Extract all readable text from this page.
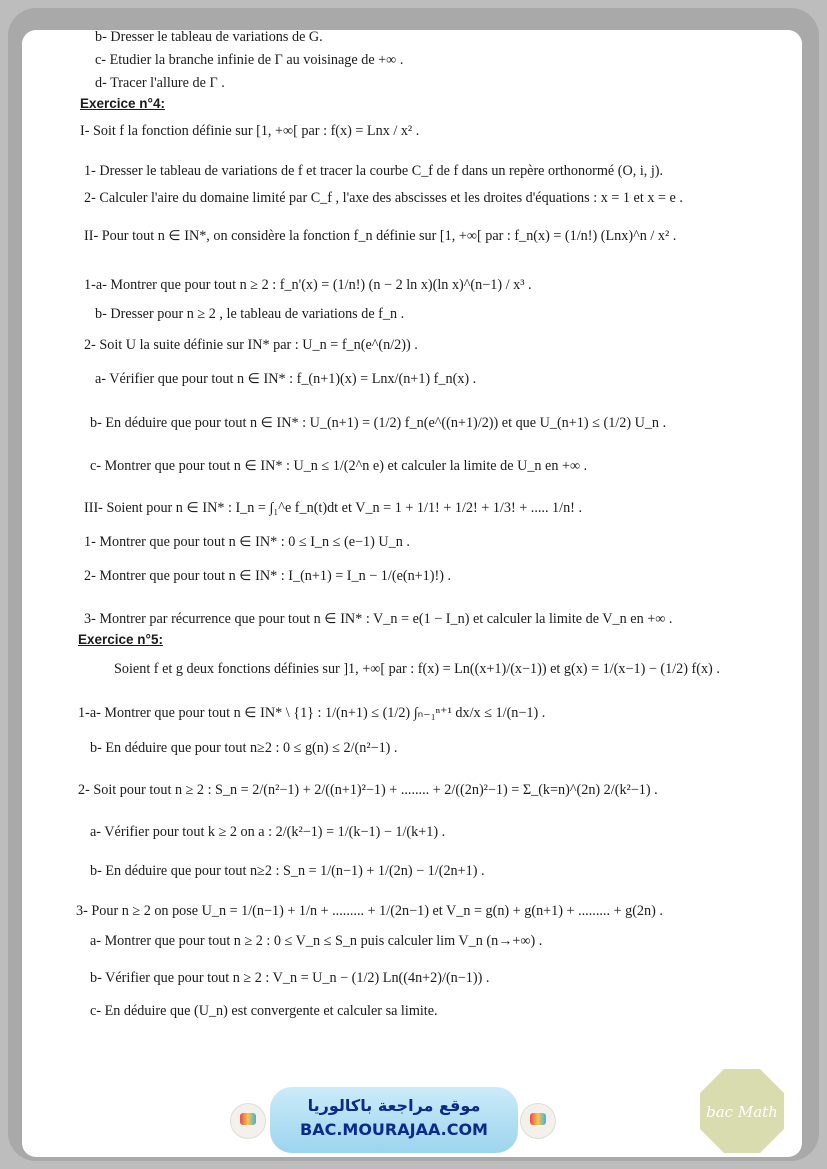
b- Dresser le tableau de variations de G.
c- Etudier la branche infinie de Γ au voisinage de +∞ .
d- Tracer l'allure de Γ .
Exercice n°4:
I- Soit f la fonction définie sur [1, +∞[ par : f(x) = Lnx / x² .
1- Dresser le tableau de variations de f et tracer la courbe C_f de f dans un repère orthonormé (O, i, j).
2- Calculer l'aire du domaine limité par C_f , l'axe des abscisses et les droites d'équations : x = 1 et x = e .
II- Pour tout n ∈ IN*, on considère la fonction f_n définie sur [1, +∞[ par : f_n(x) = (1/n!) (Lnx)^n / x² .
1-a- Montrer que pour tout n ≥ 2 : f_n'(x) = (1/n!) (n − 2 ln x)(ln x)^(n−1) / x³ .
b- Dresser pour n ≥ 2 , le tableau de variations de f_n .
2- Soit U la suite définie sur IN* par : U_n = f_n(e^(n/2)) .
a- Vérifier que pour tout n ∈ IN* : f_(n+1)(x) = Lnx/(n+1) f_n(x) .
b- En déduire que pour tout n ∈ IN* : U_(n+1) = (1/2) f_n(e^((n+1)/2)) et que U_(n+1) ≤ (1/2) U_n .
c- Montrer que pour tout n ∈ IN* : U_n ≤ 1/(2^n e) et calculer la limite de U_n en +∞ .
III- Soient pour n ∈ IN* : I_n = ∫₁^e f_n(t)dt et V_n = 1 + 1/1! + 1/2! + 1/3! + ..... 1/n! .
1- Montrer que pour tout n ∈ IN* : 0 ≤ I_n ≤ (e−1) U_n .
2- Montrer que pour tout n ∈ IN* : I_(n+1) = I_n − 1/(e(n+1)!) .
3- Montrer par récurrence que pour tout n ∈ IN* : V_n = e(1 − I_n) et calculer la limite de V_n en +∞ .
Exercice n°5:
Soient f et g deux fonctions définies sur ]1, +∞[ par : f(x) = Ln((x+1)/(x−1)) et g(x) = 1/(x−1) − (1/2) f(x) .
1-a- Montrer que pour tout n ∈ IN* \ {1} : 1/(n+1) ≤ (1/2) ∫ₙ₋₁ⁿ⁺¹ dx/x ≤ 1/(n−1) .
b- En déduire que pour tout n≥2 : 0 ≤ g(n) ≤ 2/(n²−1) .
2- Soit pour tout n ≥ 2 : S_n = 2/(n²−1) + 2/((n+1)²−1) + ........ + 2/((2n)²−1) = Σ_(k=n)^(2n) 2/(k²−1) .
a- Vérifier pour tout k ≥ 2 on a : 2/(k²−1) = 1/(k−1) − 1/(k+1) .
b- En déduire que pour tout n≥2 : S_n = 1/(n−1) + 1/(2n) − 1/(2n+1) .
3- Pour n ≥ 2 on pose U_n = 1/(n−1) + 1/n + ......... + 1/(2n−1) et V_n = g(n) + g(n+1) + ......... + g(2n) .
a- Montrer que pour tout n ≥ 2 : 0 ≤ V_n ≤ S_n puis calculer lim V_n (n→+∞) .
b- Vérifier que pour tout n ≥ 2 : V_n = U_n − (1/2) Ln((4n+2)/(n−1)) .
c- En déduire que (U_n) est convergente et calculer sa limite.
موقع مراجعة باكالوريا
BAC.MOURAJAA.COM
bac Math
